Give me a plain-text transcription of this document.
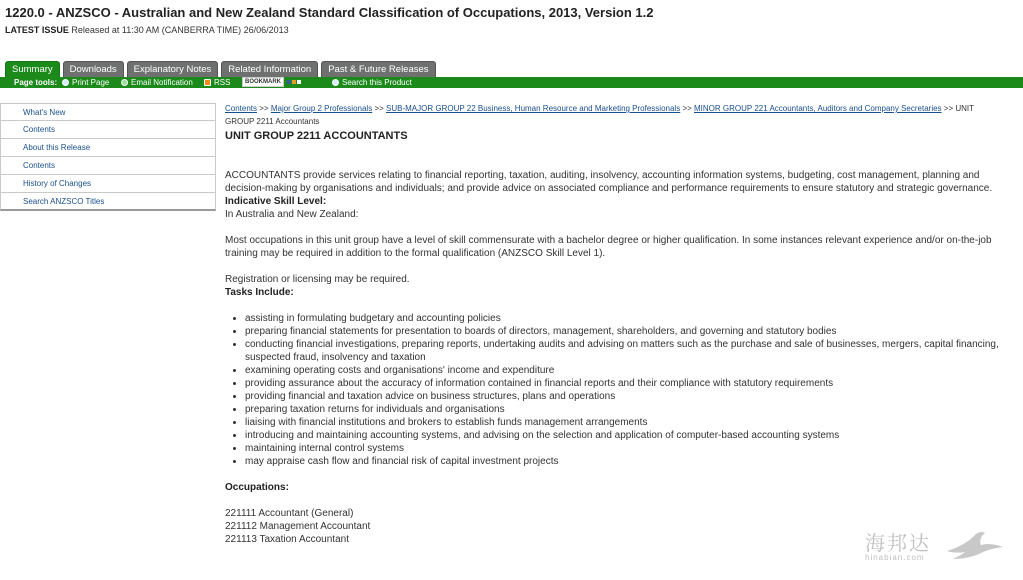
1220.0 - ANZSCO - Australian and New Zealand Standard Classification of Occupations, 2013, Version 1.2
LATEST ISSUE Released at 11:30 AM (CANBERRA TIME) 26/06/2013
Summary	Downloads	Explanatory Notes	Related Information	Past & Future Releases
Page tools: Print Page	Email Notification	RSS	BOOKMARK	Search this Product
What's New
Contents
About this Release
Contents
History of Changes
Search ANZSCO Titles
Contents >> Major Group 2 Professionals >> SUB-MAJOR GROUP 22 Business, Human Resource and Marketing Professionals >> MINOR GROUP 221 Accountants, Auditors and Company Secretaries >> UNIT GROUP 2211 Accountants
UNIT GROUP 2211 ACCOUNTANTS

ACCOUNTANTS provide services relating to financial reporting, taxation, auditing, insolvency, accounting information systems, budgeting, cost management, planning and decision-making by organisations and individuals; and provide advice on associated compliance and performance requirements to ensure statutory and strategic governance.

Indicative Skill Level:

In Australia and New Zealand:

Most occupations in this unit group have a level of skill commensurate with a bachelor degree or higher qualification. In some instances relevant experience and/or on-the-job training may be required in addition to the formal qualification (ANZSCO Skill Level 1).

Registration or licensing may be required.

Tasks Include:

• assisting in formulating budgetary and accounting policies
• preparing financial statements for presentation to boards of directors, management, shareholders, and governing and statutory bodies
• conducting financial investigations, preparing reports, undertaking audits and advising on matters such as the purchase and sale of businesses, mergers, capital financing, suspected fraud, insolvency and taxation
• examining operating costs and organisations' income and expenditure
• providing assurance about the accuracy of information contained in financial reports and their compliance with statutory requirements
• providing financial and taxation advice on business structures, plans and operations
• preparing taxation returns for individuals and organisations
• liaising with financial institutions and brokers to establish funds management arrangements
• introducing and maintaining accounting systems, and advising on the selection and application of computer-based accounting systems
• maintaining internal control systems
• may appraise cash flow and financial risk of capital investment projects

Occupations:

221111 Accountant (General)
221112 Management Accountant
221113 Taxation Accountant	海邦达
hinabian.com
